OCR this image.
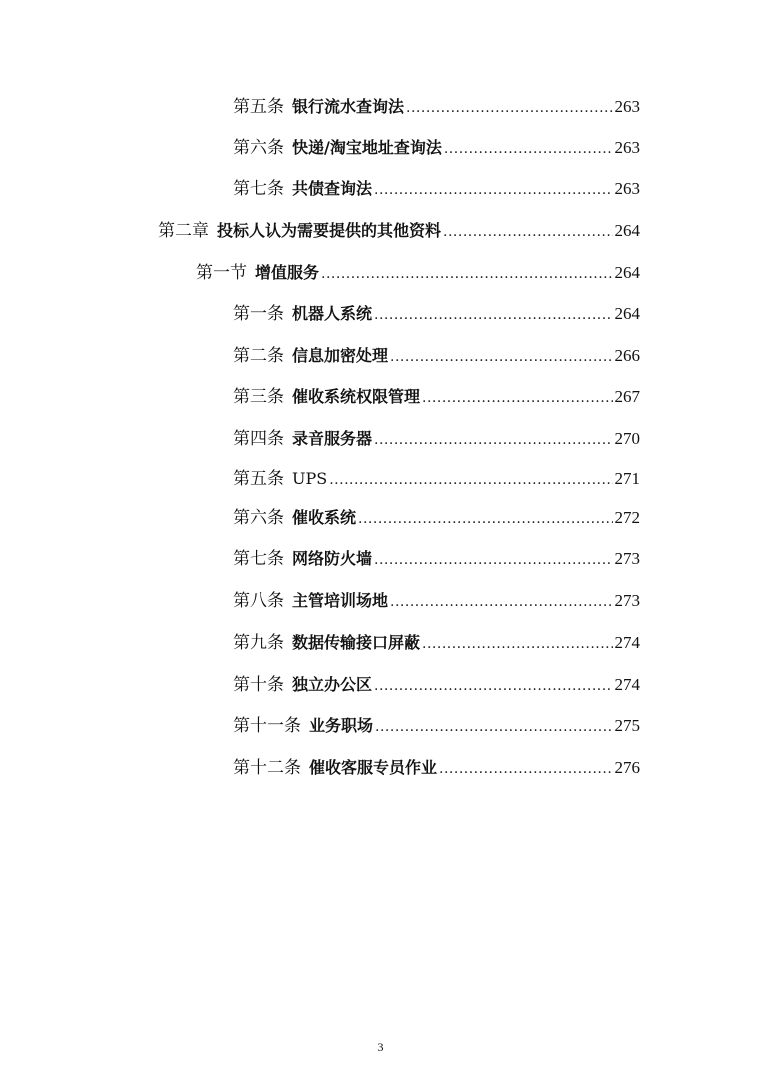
第五条 银行流水查询法 .....	263
第六条 快递/淘宝地址查询法 .....	263
第七条 共债查询法 .....	263
第二章 投标人认为需要提供的其他资料 .....	264
第一节 增值服务 .....	264
第一条 机器人系统 .....	264
第二条 信息加密处理 .....	266
第三条 催收系统权限管理 .....	267
第四条 录音服务器 .....	270
第五条 UPS .....	271
第六条 催收系统 .....	272
第七条 网络防火墙 .....	273
第八条 主管培训场地 .....	273
第九条 数据传输接口屏蔽 .....	274
第十条 独立办公区 .....	274
第十一条 业务职场 .....	275
第十二条 催收客服专员作业 .....	276
3
